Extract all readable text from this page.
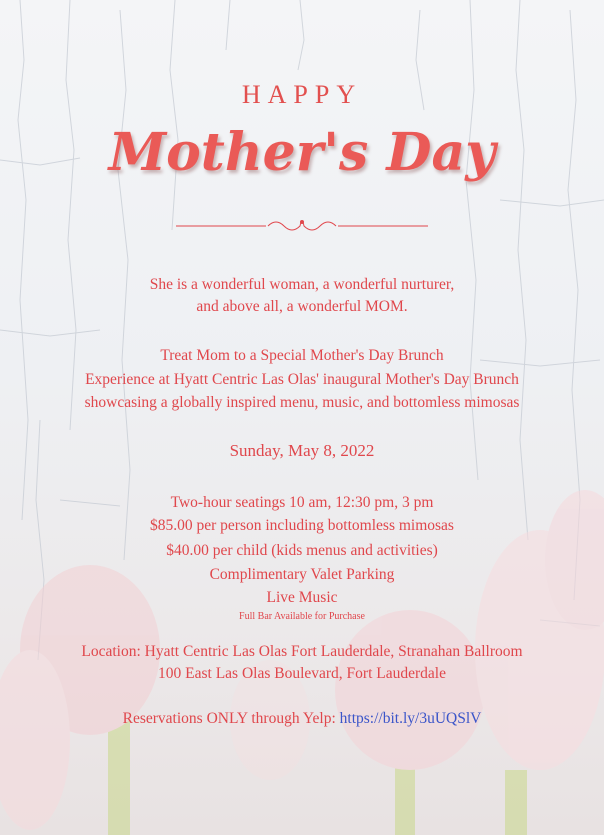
HAPPY
Mother's Day
She is a wonderful woman, a wonderful nurturer,
and above all, a wonderful MOM.
Treat Mom to a Special Mother's Day Brunch
Experience at Hyatt Centric Las Olas' inaugural Mother's Day Brunch
showcasing a globally inspired menu, music, and bottomless mimosas
Sunday, May 8, 2022
Two-hour seatings 10 am, 12:30 pm, 3 pm
$85.00 per person including bottomless mimosas
$40.00 per child (kids menus and activities)
Complimentary Valet Parking
Live Music
Full Bar Available for Purchase
Location: Hyatt Centric Las Olas Fort Lauderdale, Stranahan Ballroom
100 East Las Olas Boulevard, Fort Lauderdale
Reservations ONLY through Yelp: https://bit.ly/3uUQSlV
